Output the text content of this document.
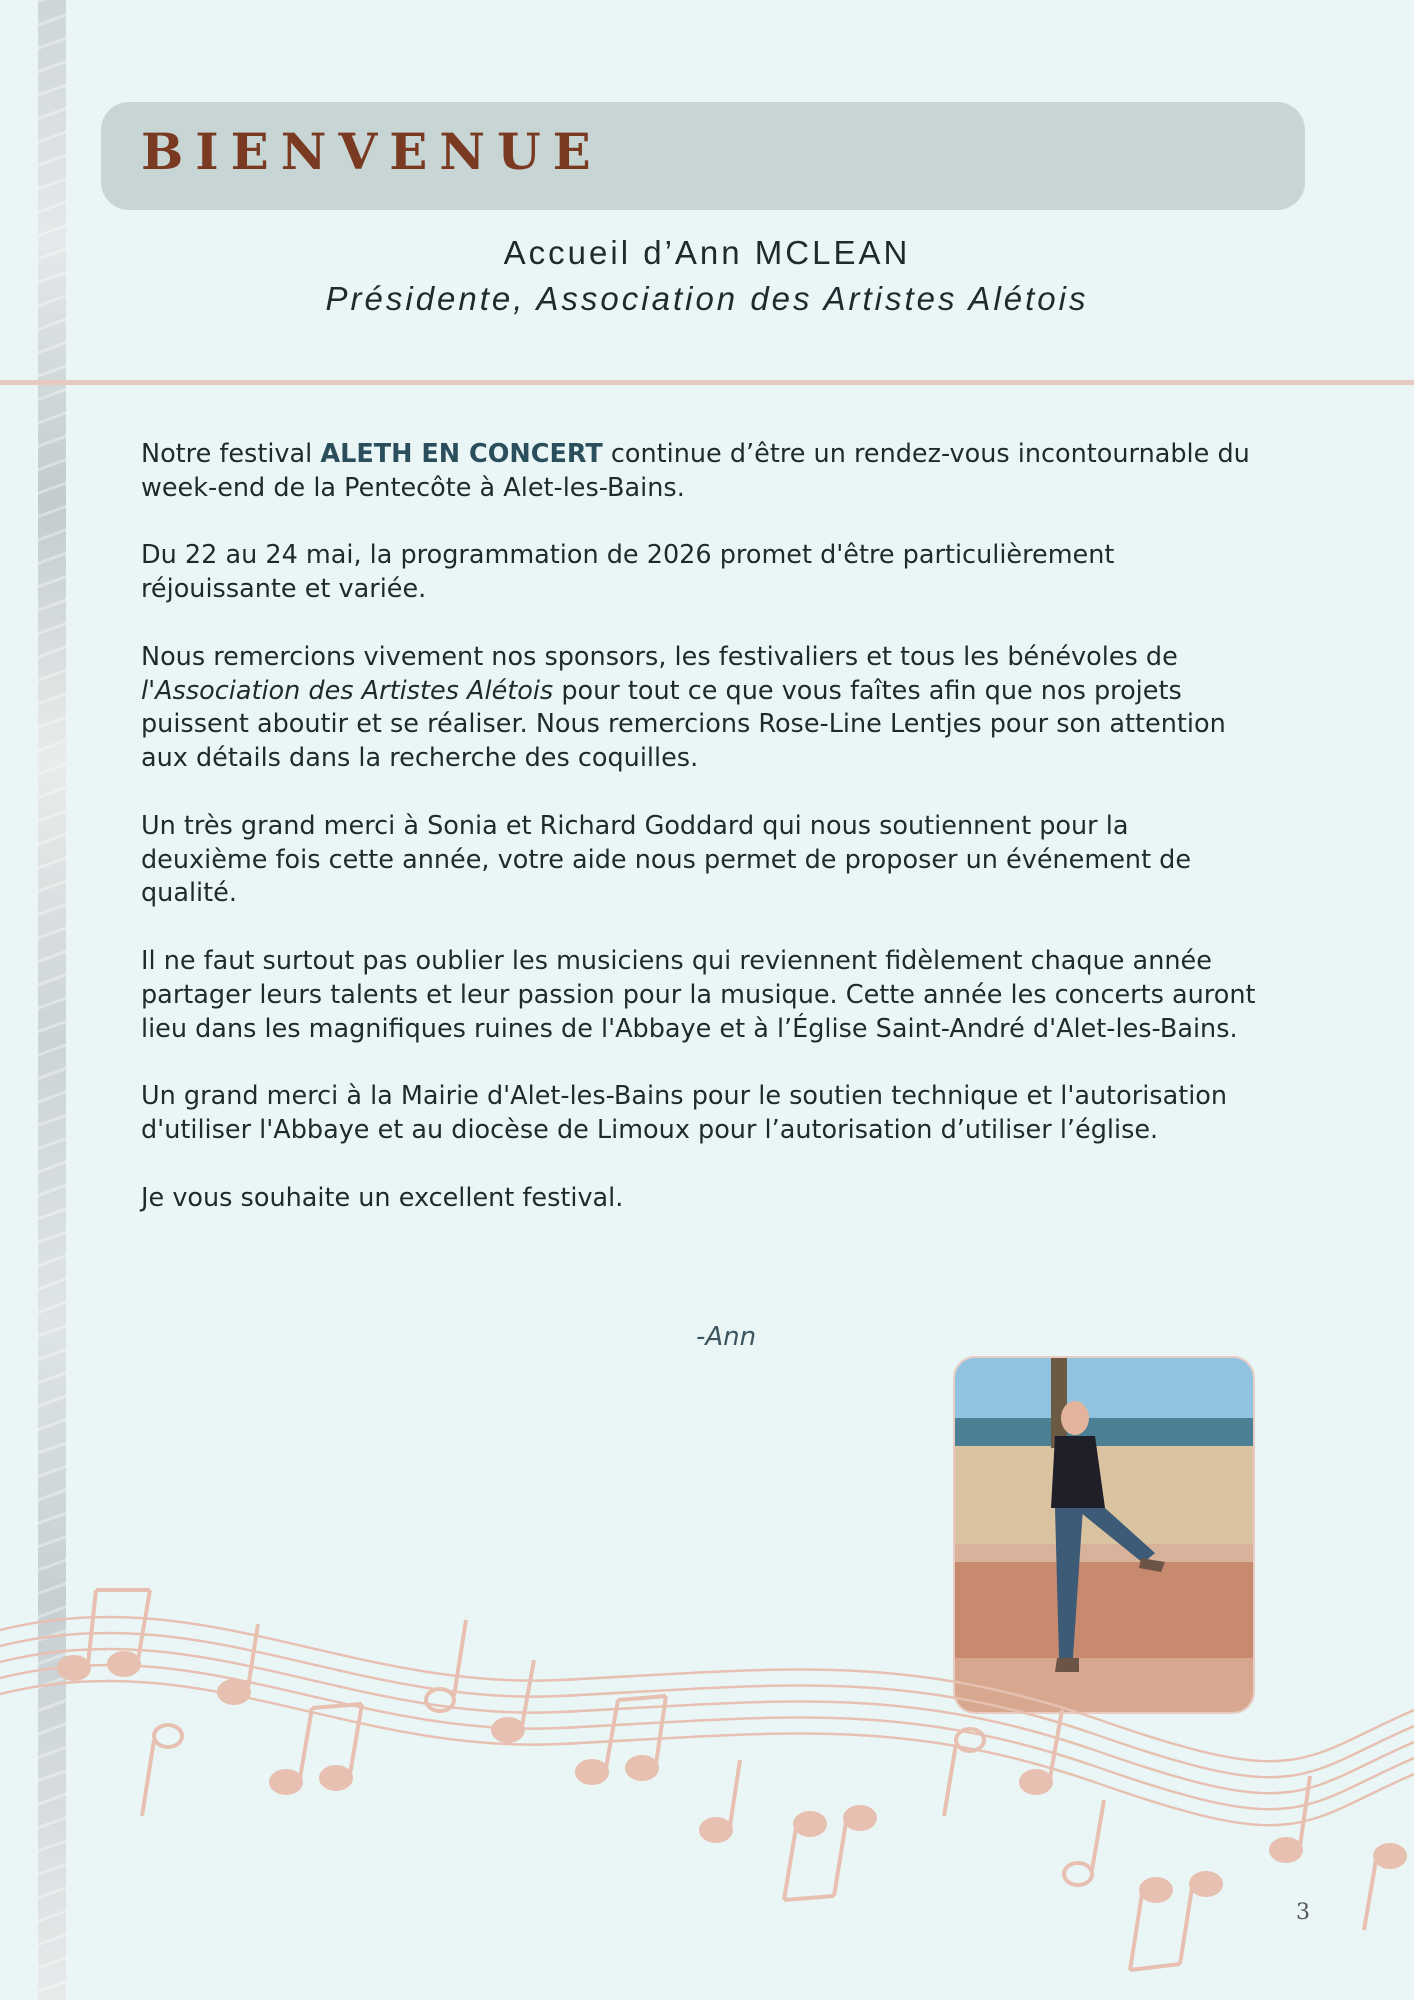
BIENVENUE
Accueil d’Ann MCLEAN
Présidente, Association des Artistes Alétois

Notre festival ALETH EN CONCERT continue d’être un rendez-vous incontournable du week-end de la Pentecôte à Alet-les-Bains.

Du 22 au 24 mai, la programmation de 2026 promet d'être particulièrement réjouissante et variée.

Nous remercions vivement nos sponsors, les festivaliers et tous les bénévoles de l'Association des Artistes Alétois pour tout ce que vous faîtes afin que nos projets puissent aboutir et se réaliser. Nous remercions Rose-Line Lentjes pour son attention aux détails dans la recherche des coquilles.

Un très grand merci à Sonia et Richard Goddard qui nous soutiennent pour la deuxième fois cette année, votre aide nous permet de proposer un événement de qualité.

Il ne faut surtout pas oublier les musiciens qui reviennent fidèlement chaque année partager leurs talents et leur passion pour la musique. Cette année les concerts auront lieu dans les magnifiques ruines de l'Abbaye et à l’Église Saint-André d'Alet-les-Bains.

Un grand merci à la Mairie d'Alet-les-Bains pour le soutien technique et l'autorisation d'utiliser l'Abbaye et au diocèse de Limoux pour l’autorisation d’utiliser l’église.

Je vous souhaite un excellent festival.

-Ann
3
